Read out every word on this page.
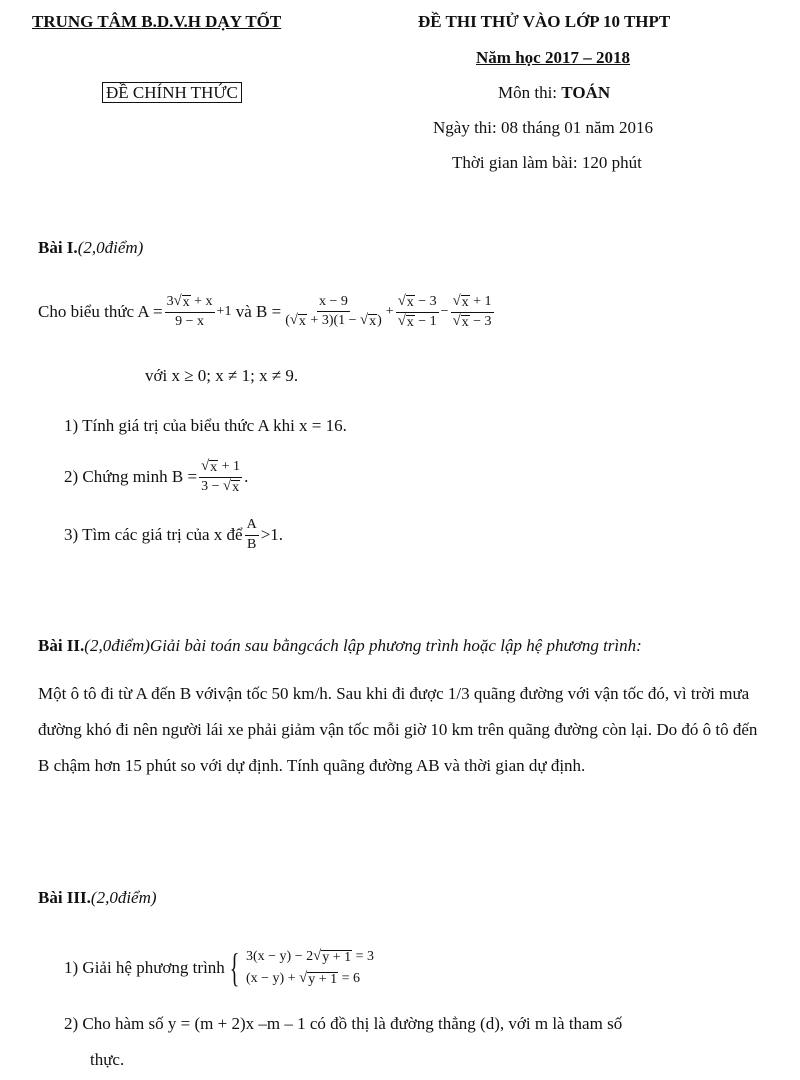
TRUNG TÂM B.D.V.H DẠY TỐT	ĐỀ THI THỬ VÀO LỚP 10 THPT
Năm học 2017 – 2018
ĐỀ CHÍNH THỨC	Môn thi: TOÁN
Ngày thi: 08 tháng 01 năm 2016
Thời gian làm bài: 120 phút
Bài I.(2,0điểm)
Cho biểu thức $A = \frac{3 √ x + x}{9 - x} +1$
và $B = \frac{x - 9}{( √ x + 3)(1 - √ x )} + \frac{√ x - 3}{√ x - 1} - \frac{√ x + 1}{√ x - 3}$
với x ≥ 0; x ≠ 1; x ≠ 9.
1) Tính giá trị của biểu thức A khi x = 16.
2) Chứng minh $B = \frac{√ x + 1}{3 - √ x}$ .
3) Tìm các giá trị của x để $\frac{A}{B} >1$.
Bài II.(2,0điểm)Giải bài toán sau bằngcách lập phương trình hoặc lập hệ phương trình:
Một ô tô đi từ A đến B vớivận tốc 50 km/h. Sau khi đi được 1/3 quãng đường với vận tốc đó, vì trời mưa đường khó đi nên người lái xe phải giảm vận tốc mỗi giờ 10 km trên quãng đường còn lại. Do đó ô tô đến B chậm hơn 15 phút so với dự định. Tính quãng đường AB và thời gian dự định.
Bài III.(2,0điểm)
1) Giải hệ phương trình { 3(x − y) − 2 √ y + 1 = 3
(x − y) + √ y + 1 = 6
2) Cho hàm số y = (m + 2)x –m – 1 có đồ thị là đường thẳng (d), với m là tham số
thực.
